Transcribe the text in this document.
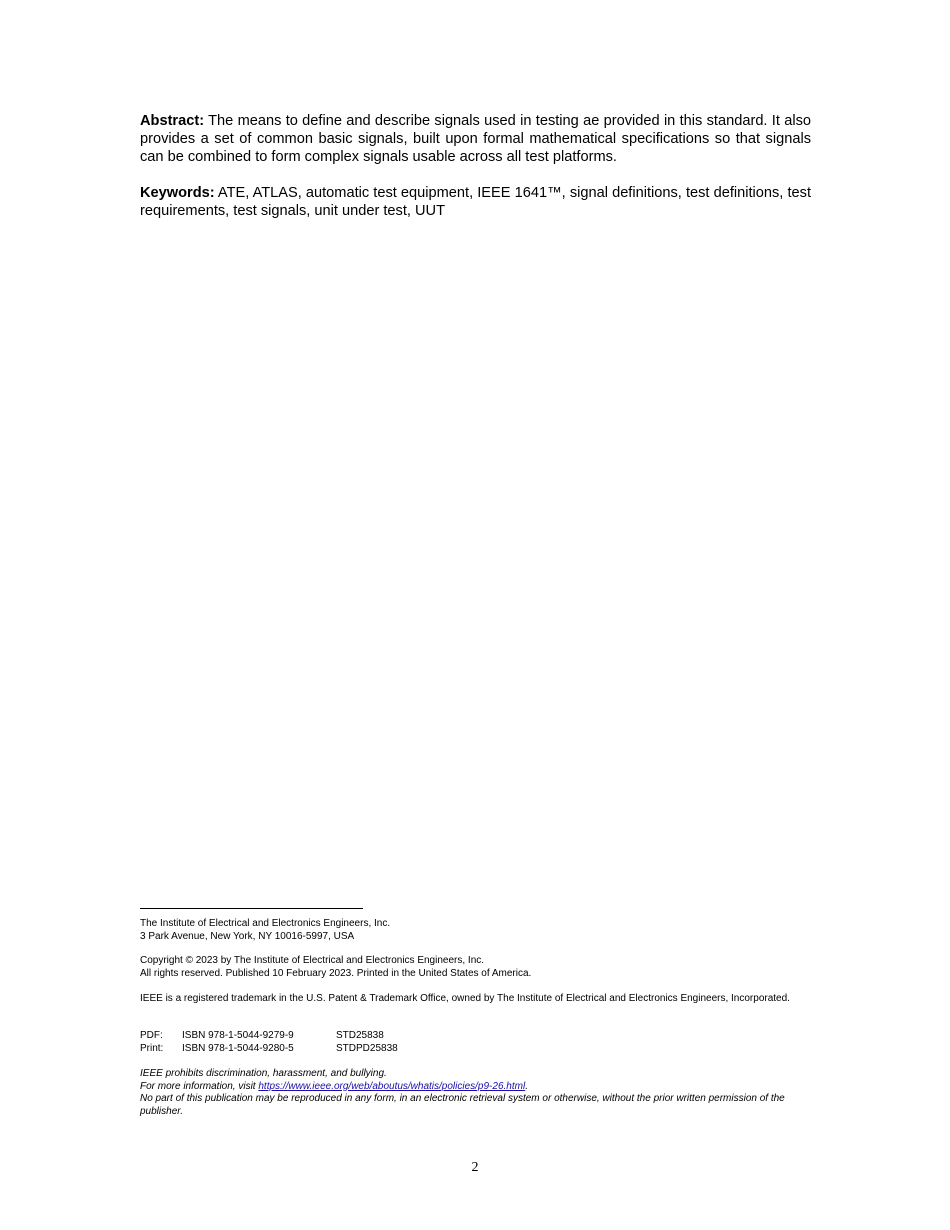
Abstract: The means to define and describe signals used in testing ae provided in this standard. It also provides a set of common basic signals, built upon formal mathematical specifications so that signals can be combined to form complex signals usable across all test platforms.
Keywords: ATE, ATLAS, automatic test equipment, IEEE 1641™, signal definitions, test definitions, test requirements, test signals, unit under test, UUT

The Institute of Electrical and Electronics Engineers, Inc.

3 Park Avenue, New York, NY 10016-5997, USA

Copyright © 2023 by The Institute of Electrical and Electronics Engineers, Inc.

All rights reserved. Published 10 February 2023. Printed in the United States of America.

IEEE is a registered trademark in the U.S. Patent & Trademark Office, owned by The Institute of Electrical and Electronics Engineers, Incorporated.

PDF:	ISBN 978-1-5044-9279-9	STD25838
Print:	ISBN 978-1-5044-9280-5	STDPD25838

IEEE prohibits discrimination, harassment, and bullying.

For more information, visit https://www.ieee.org/web/aboutus/whatis/policies/p9-26.html.

No part of this publication may be reproduced in any form, in an electronic retrieval system or otherwise, without the prior written permission of the publisher.

2
